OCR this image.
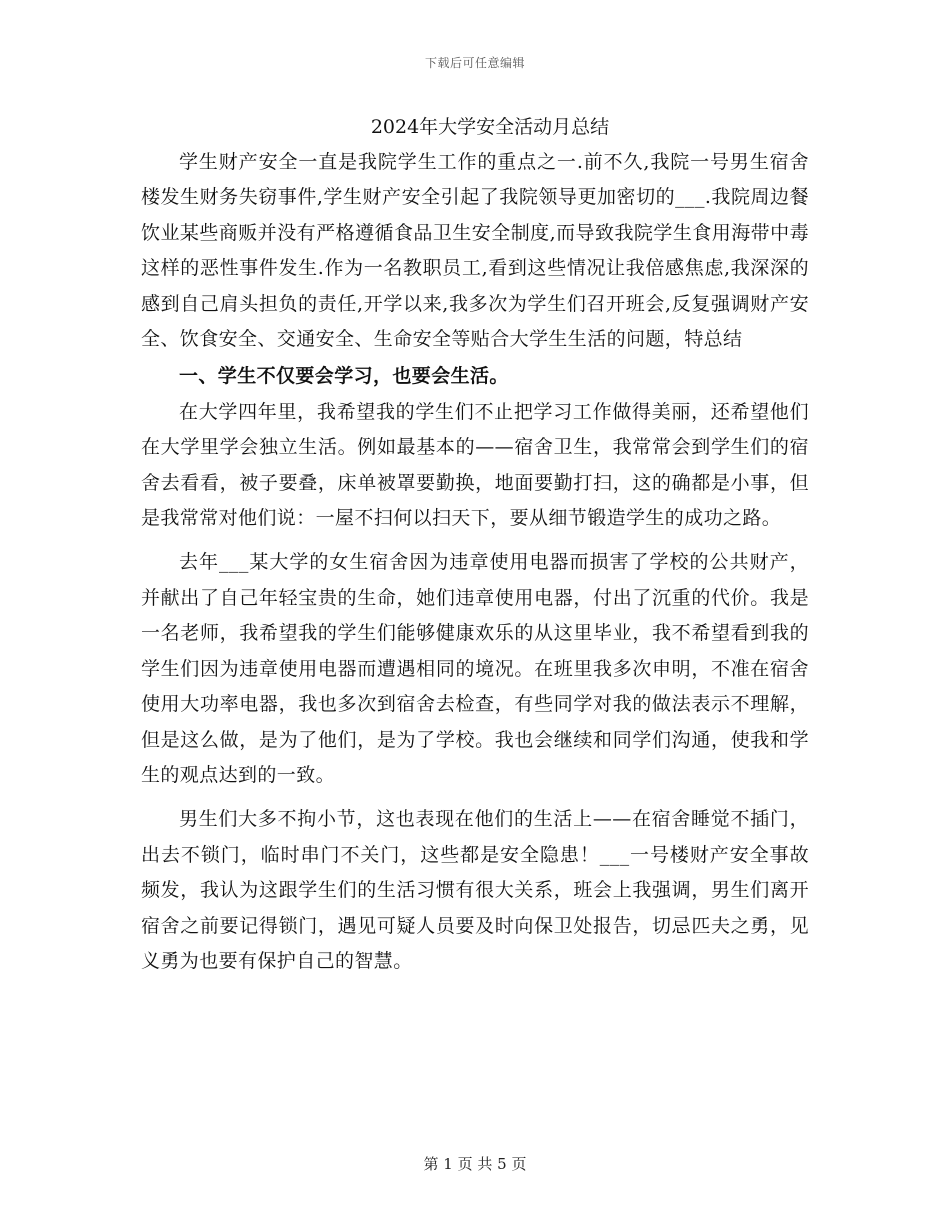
下载后可任意编辑
2024年大学安全活动月总结

学生财产安全一直是我院学生工作的重点之一.前不久,我院一号男生宿舍楼发生财务失窃事件,学生财产安全引起了我院领导更加密切的___.我院周边餐饮业某些商贩并没有严格遵循食品卫生安全制度,而导致我院学生食用海带中毒这样的恶性事件发生.作为一名教职员工,看到这些情况让我倍感焦虑,我深深的感到自己肩头担负的责任,开学以来,我多次为学生们召开班会,反复强调财产安全、饮食安全、交通安全、生命安全等贴合大学生生活的问题，特总结

一、学生不仅要会学习，也要会生活。

在大学四年里，我希望我的学生们不止把学习工作做得美丽，还希望他们在大学里学会独立生活。例如最基本的——宿舍卫生，我常常会到学生们的宿舍去看看，被子要叠，床单被罩要勤换，地面要勤打扫，这的确都是小事，但是我常常对他们说：一屋不扫何以扫天下，要从细节锻造学生的成功之路。

去年___某大学的女生宿舍因为违章使用电器而损害了学校的公共财产，并献出了自己年轻宝贵的生命，她们违章使用电器，付出了沉重的代价。我是一名老师，我希望我的学生们能够健康欢乐的从这里毕业，我不希望看到我的学生们因为违章使用电器而遭遇相同的境况。在班里我多次申明，不准在宿舍使用大功率电器，我也多次到宿舍去检查，有些同学对我的做法表示不理解，但是这么做，是为了他们，是为了学校。我也会继续和同学们沟通，使我和学生的观点达到的一致。

男生们大多不拘小节，这也表现在他们的生活上——在宿舍睡觉不插门，出去不锁门，临时串门不关门，这些都是安全隐患！___一号楼财产安全事故频发，我认为这跟学生们的生活习惯有很大关系，班会上我强调，男生们离开宿舍之前要记得锁门，遇见可疑人员要及时向保卫处报告，切忌匹夫之勇，见义勇为也要有保护自己的智慧。

第 1 页 共 5 页
